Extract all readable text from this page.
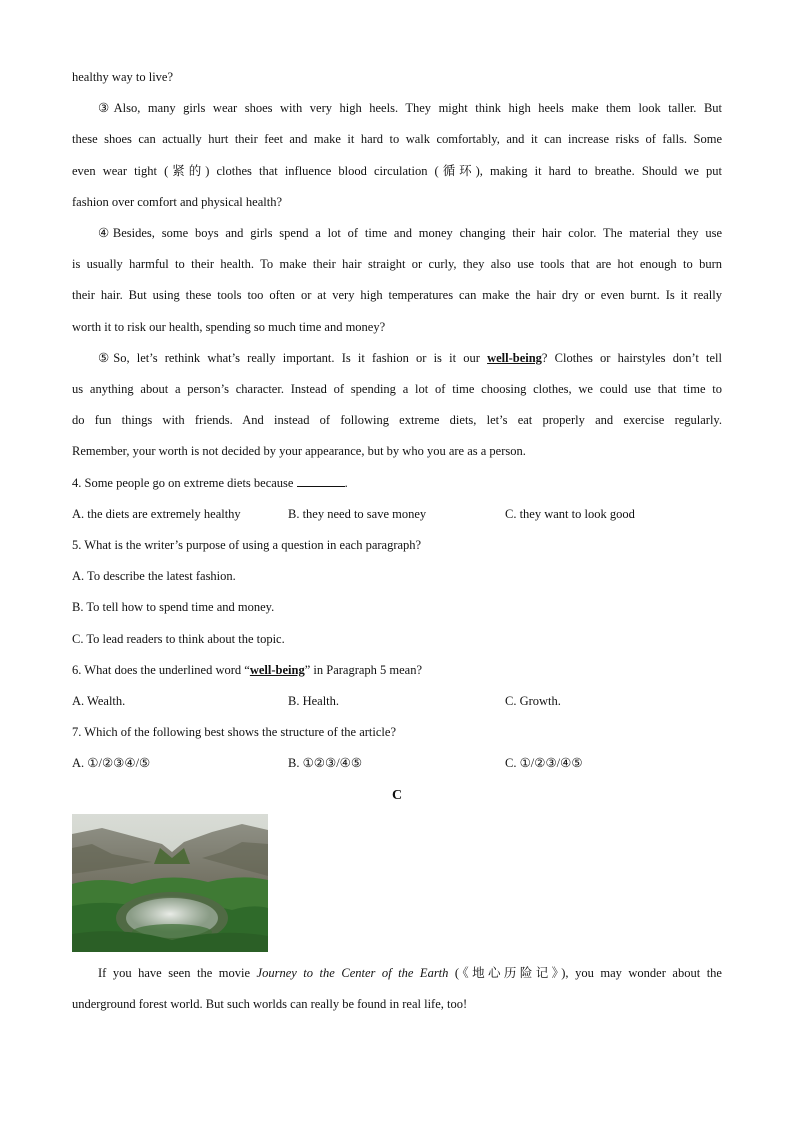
healthy way to live?

③Also, many girls wear shoes with very high heels. They might think high heels make them look taller. But
these shoes can actually hurt their feet and make it hard to walk comfortably, and it can increase risks of falls. Some
even wear tight (紧的) clothes that influence blood circulation (循环), making it hard to breathe. Should we put
fashion over comfort and physical health?

④Besides, some boys and girls spend a lot of time and money changing their hair color. The material they use
is usually harmful to their health. To make their hair straight or curly, they also use tools that are hot enough to burn
their hair. But using these tools too often or at very high temperatures can make the hair dry or even burnt. Is it really
worth it to risk our health, spending so much time and money?

⑤So, let’s rethink what’s really important. Is it fashion or is it our well-being? Clothes or hairstyles don’t tell
us anything about a person’s character. Instead of spending a lot of time choosing clothes, we could use that time to
do fun things with friends. And instead of following extreme diets, let’s eat properly and exercise regularly.
Remember, your worth is not decided by your appearance, but by who you are as a person.

4. Some people go on extreme diets because	.
A. the diets are extremely healthy	B. they need to save money	C. they want to look good
5. What is the writer’s purpose of using a question in each paragraph?
A. To describe the latest fashion.
B. To tell how to spend time and money.
C. To lead readers to think about the topic.
6. What does the underlined word “well-being” in Paragraph 5 mean?
A. Wealth.	B. Health.	C. Growth.
7. Which of the following best shows the structure of the article?
A. ①/②③④/⑤	B. ①②③/④⑤	C. ①/②③/④⑤
C

If you have seen the movie Journey to the Center of the Earth (《地心历险记》), you may wonder about the
underground forest world. But such worlds can really be found in real life, too!
